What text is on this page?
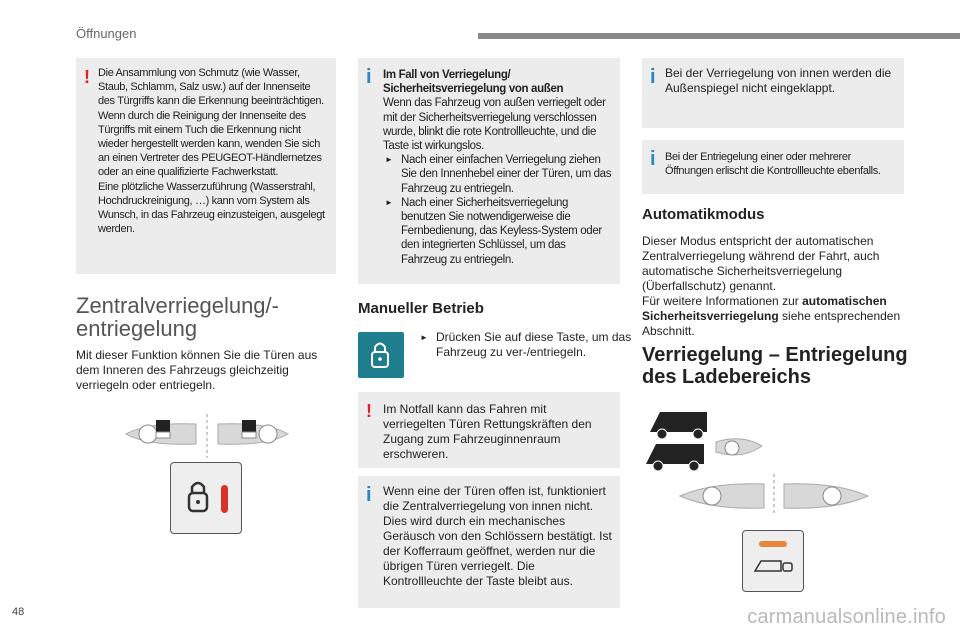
Öffnungen
! Die Ansammlung von Schmutz (wie Wasser, Staub, Schlamm, Salz usw.) auf der Innenseite des Türgriffs kann die Erkennung beeinträchtigen.

Wenn durch die Reinigung der Innenseite des Türgriffs mit einem Tuch die Erkennung nicht wieder hergestellt werden kann, wenden Sie sich an einen Vertreter des PEUGEOT-Händlernetzes oder an eine qualifizierte Fachwerkstatt.

Eine plötzliche Wasserzuführung (Wasserstrahl, Hochdruckreinigung, …) kann vom System als Wunsch, in das Fahrzeug einzusteigen, ausgelegt werden.

Zentralverriegelung/-entriegelung
Mit dieser Funktion können Sie die Türen aus dem Inneren des Fahrzeugs gleichzeitig verriegeln oder entriegeln.
i Im Fall von Verriegelung/ Sicherheitsverriegelung von außen

Wenn das Fahrzeug von außen verriegelt oder mit der Sicherheitsverriegelung verschlossen wurde, blinkt die rote Kontrollleuchte, und die Taste ist wirkungslos.

► Nach einer einfachen Verriegelung ziehen Sie den Innenhebel einer der Türen, um das Fahrzeug zu entriegeln.

► Nach einer Sicherheitsverriegelung benutzen Sie notwendigerweise die Fernbedienung, das Keyless-System oder den integrierten Schlüssel, um das Fahrzeug zu entriegeln.

Manueller Betrieb
► Drücken Sie auf diese Taste, um das Fahrzeug zu ver-/entriegeln.
! Im Notfall kann das Fahren mit verriegelten Türen Rettungskräften den Zugang zum Fahrzeuginnenraum erschweren.

i Wenn eine der Türen offen ist, funktioniert die Zentralverriegelung von innen nicht. Dies wird durch ein mechanisches Geräusch von den Schlössern bestätigt. Ist der Kofferraum geöffnet, werden nur die übrigen Türen verriegelt. Die Kontrollleuchte der Taste bleibt aus.

i Bei der Verriegelung von innen werden die Außenspiegel nicht eingeklappt.

i Bei der Entriegelung einer oder mehrerer Öffnungen erlischt die Kontrollleuchte ebenfalls.

Automatikmodus
Dieser Modus entspricht der automatischen Zentralverriegelung während der Fahrt, auch automatische Sicherheitsverriegelung (Überfallschutz) genannt.
Für weitere Informationen zur automatischen Sicherheitsverriegelung siehe entsprechenden Abschnitt.
Verriegelung – Entriegelung des Ladebereichs
48	carmanualsonline.info
